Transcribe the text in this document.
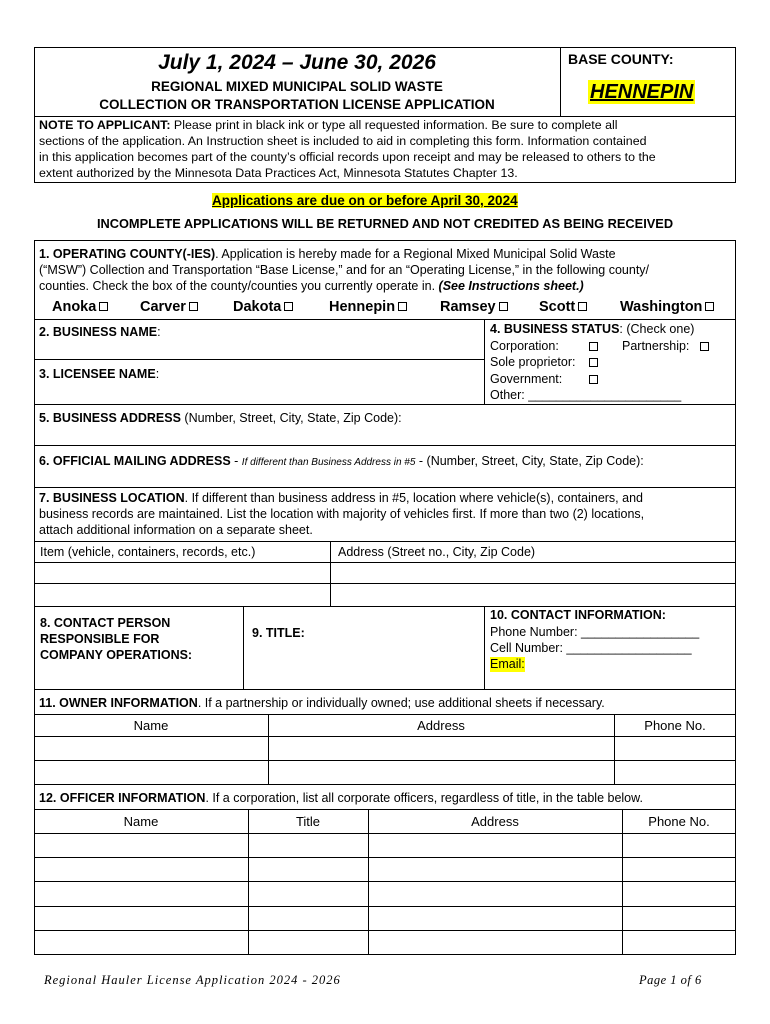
July 1, 2024 – June 30, 2026
REGIONAL MIXED MUNICIPAL SOLID WASTE
COLLECTION OR TRANSPORTATION LICENSE APPLICATION
BASE COUNTY:
HENNEPIN
NOTE TO APPLICANT: Please print in black ink or type all requested information. Be sure to complete all
sections of the application. An Instruction sheet is included to aid in completing this form. Information contained
in this application becomes part of the county’s official records upon receipt and may be released to others to the
extent authorized by the Minnesota Data Practices Act, Minnesota Statutes Chapter 13.
Applications are due on or before April 30, 2024
INCOMPLETE APPLICATIONS WILL BE RETURNED AND NOT CREDITED AS BEING RECEIVED
1. OPERATING COUNTY(-IES). Application is hereby made for a Regional Mixed Municipal Solid Waste
(“MSW”) Collection and Transportation “Base License,” and for an “Operating License,” in the following county/
counties. Check the box of the county/counties you currently operate in. (See Instructions sheet.)
Anoka	Carver	Dakota	Hennepin	Ramsey	Scott	Washington
2. BUSINESS NAME:
3. LICENSEE NAME:
4. BUSINESS STATUS: (Check one)
Corporation:	Partnership:
Sole proprietor:
Government:
Other: ______________________
5. BUSINESS ADDRESS (Number, Street, City, State, Zip Code):
6. OFFICIAL MAILING ADDRESS - If different than Business Address in #5 - (Number, Street, City, State, Zip Code):
7. BUSINESS LOCATION. If different than business address in #5, location where vehicle(s), containers, and
business records are maintained. List the location with majority of vehicles first. If more than two (2) locations,
attach additional information on a separate sheet.
Item (vehicle, containers, records, etc.)	Address (Street no., City, Zip Code)
8. CONTACT PERSON
RESPONSIBLE FOR
COMPANY OPERATIONS:
9. TITLE:
10. CONTACT INFORMATION:
Phone Number: _________________
Cell Number: __________________
Email:
11. OWNER INFORMATION. If a partnership or individually owned; use additional sheets if necessary.
Name	Address	Phone No.
12. OFFICER INFORMATION. If a corporation, list all corporate officers, regardless of title, in the table below.
Name	Title	Address	Phone No.
Regional Hauler License Application 2024 - 2026	Page 1 of 6
